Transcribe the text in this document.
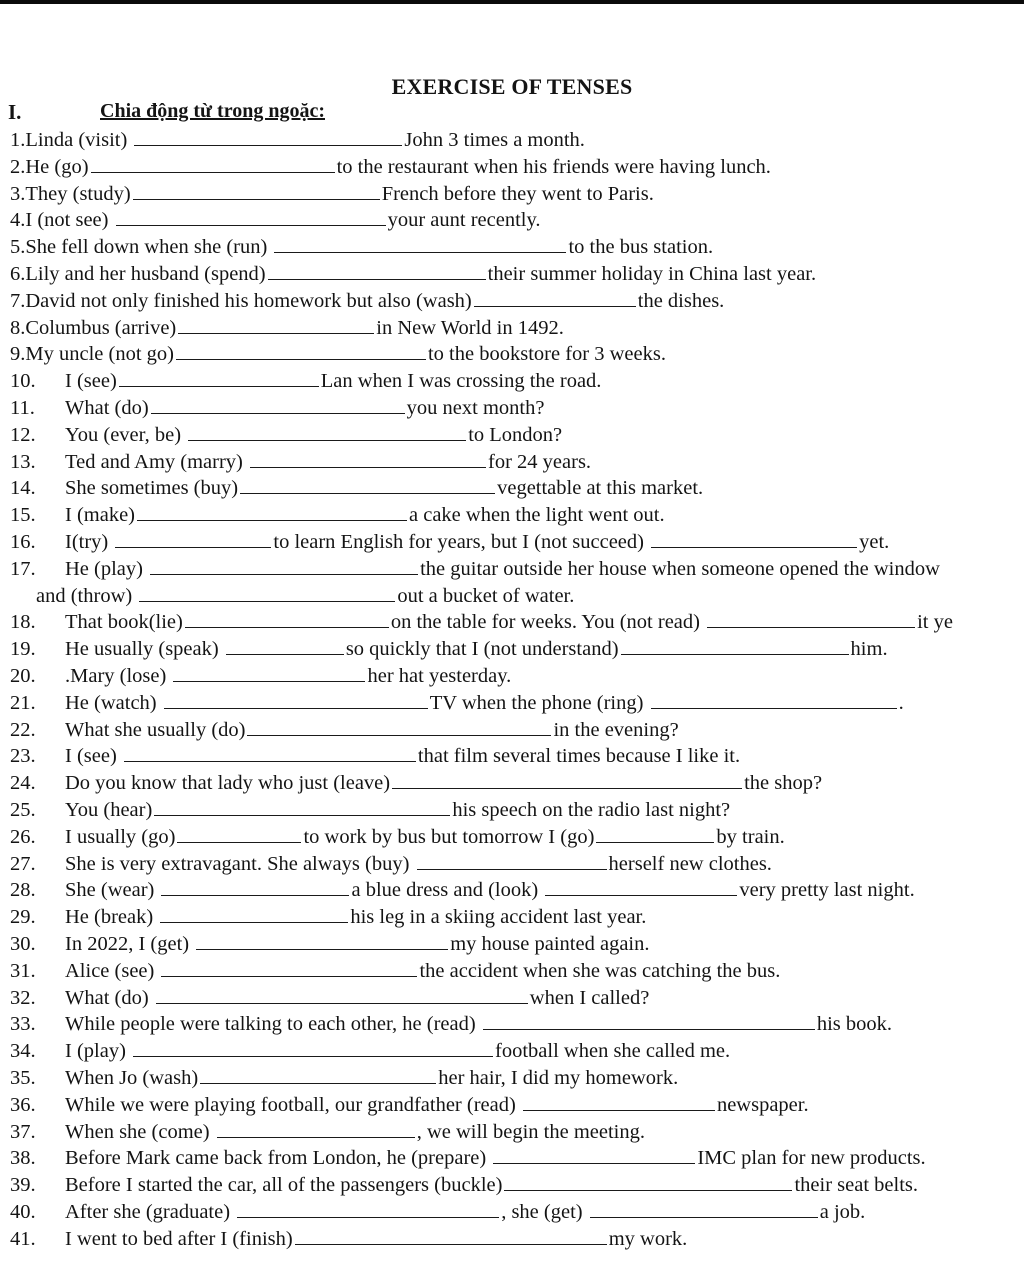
EXERCISE OF TENSES
I.	Chia động từ trong ngoặc:
1.Linda (visit)	John 3 times a month.
2.He (go)	to the restaurant when his friends were having lunch.
3.They (study)	French before they went to Paris.
4.I (not see)	your aunt recently.
5.She fell down when she (run)	to the bus station.
6.Lily and her husband (spend)	their summer holiday in China last year.
7.David not only finished his homework but also (wash)	the dishes.
8.Columbus (arrive)	in New World in 1492.
9.My uncle (not go)	to the bookstore for 3 weeks.
10. I (see)	Lan when I was crossing the road.
11. What (do)	you next month?
12. You (ever, be)	to London?
13. Ted and Amy (marry)	for 24 years.
14. She sometimes (buy)	vegettable at this market.
15. I (make)	a cake when the light went out.
16. I(try)	to learn English for years, but I (not succeed)	yet.
17. He (play)	the guitar outside her house when someone opened the window
and (throw)	out a bucket of water.
18. That book(lie)	on the table for weeks. You (not read)	it ye
19. He usually (speak)	so quickly that I (not understand)	him.
20. .Mary (lose)	her hat yesterday.
21. He (watch)	TV when the phone (ring)	.
22. What she usually (do)	in the evening?
23. I (see)	that film several times because I like it.
24. Do you know that lady who just (leave)	the shop?
25. You (hear)	his speech on the radio last night?
26. I usually (go)	to work by bus but tomorrow I (go)	by train.
27. She is very extravagant. She always (buy)	herself new clothes.
28. She (wear)	a blue dress and (look)	very pretty last night.
29. He (break)	his leg in a skiing accident last year.
30. In 2022, I (get)	my house painted again.
31. Alice (see)	the accident when she was catching the bus.
32. What (do)	when I called?
33. While people were talking to each other, he (read)	his book.
34. I (play)	football when she called me.
35. When Jo (wash)	her hair, I did my homework.
36. While we were playing football, our grandfather (read)	newspaper.
37. When she (come)	, we will begin the meeting.
38. Before Mark came back from London, he (prepare)	IMC plan for new products.
39. Before I started the car, all of the passengers (buckle)	their seat belts.
40. After she (graduate)	, she (get)	a job.
41. I went to bed after I (finish)	my work.
